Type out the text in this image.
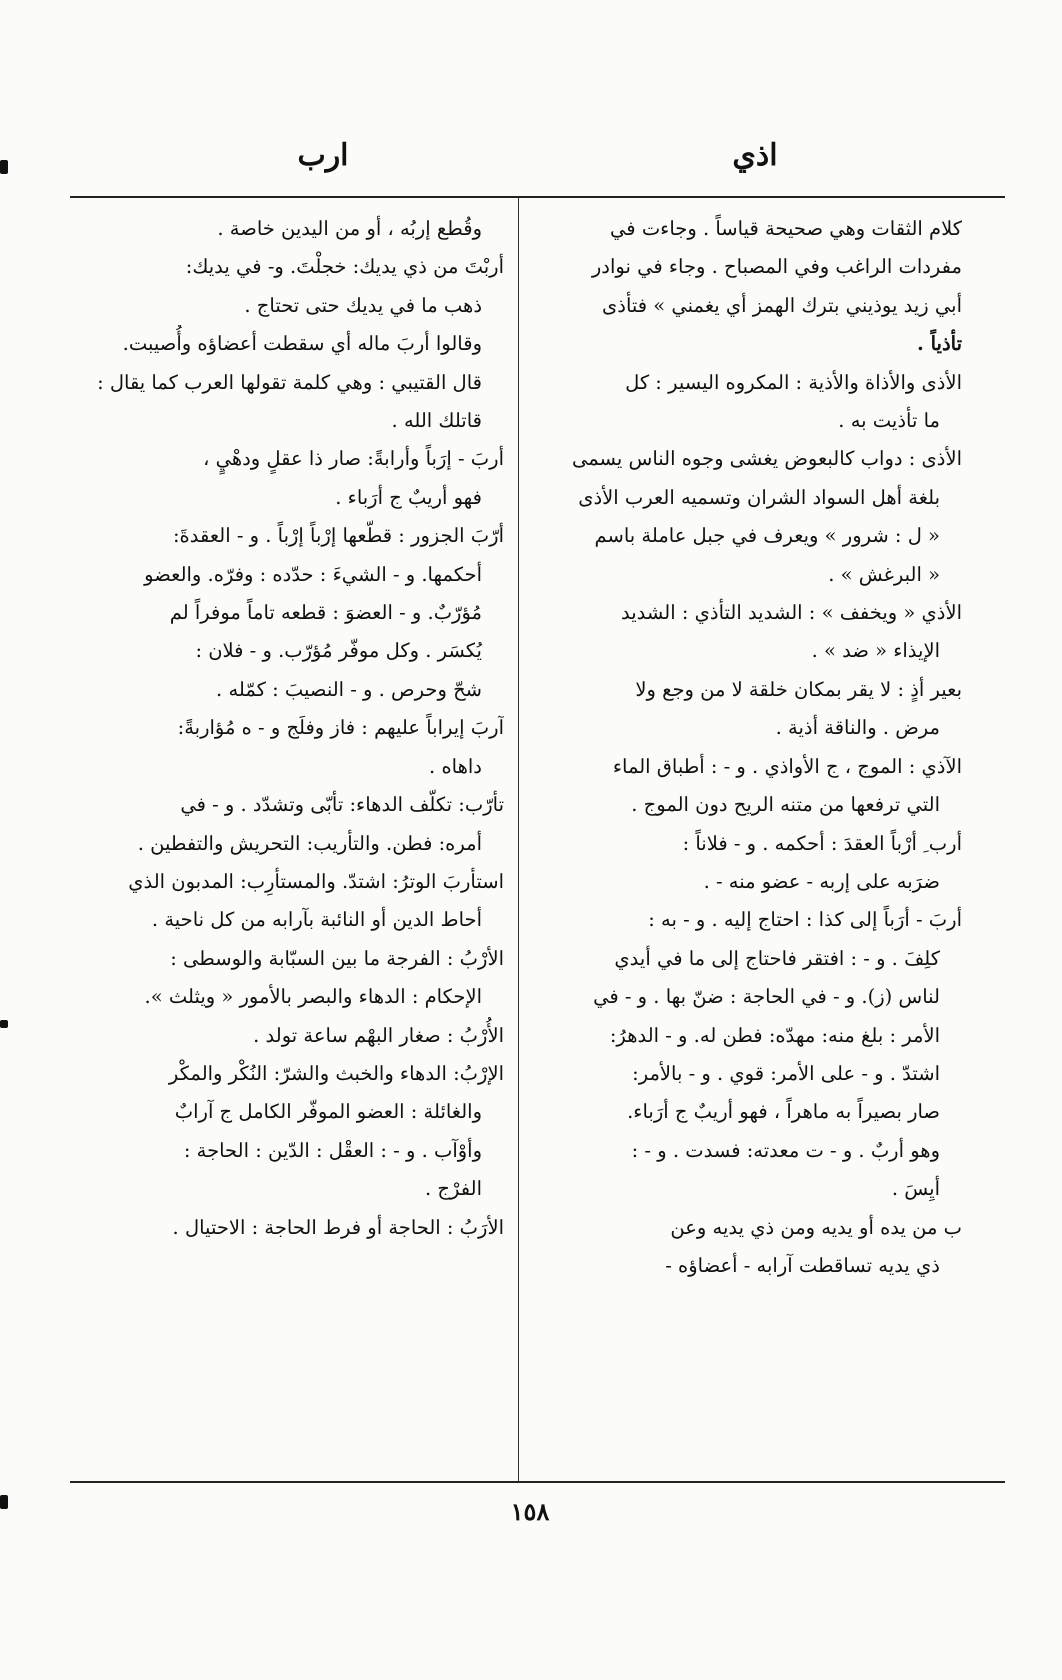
اذي
ارب
كلام الثقات وهي صحيحة قياساً . وجاءت في
مفردات الراغب وفي المصباح . وجاء في نوادر
أبي زيد يوذيني بترك الهمز أي يغمني » فتأذى
تأذياً .
الأذى والأذاة والأذية : المكروه اليسير : كل
ما تأذيت به .
الأذى : دواب كالبعوض يغشى وجوه الناس يسمى
بلغة أهل السواد الشران وتسميه العرب الأذى
« ل : شرور » ويعرف في جبل عاملة باسم
« البرغش » .
الأذي « ويخفف » : الشديد التأذي : الشديد
الإيذاء « ضد » .
بعير أذٍ : لا يقر بمكان خلقة لا من وجع ولا
مرض . والناقة أذية .
الآذي : الموج ، ج الأواذي . و - : أطباق الماء
التي ترفعها من متنه الريح دون الموج .
أرب ِ أرْباً العقدَ : أحكمه . و - فلاناً :
ضرَبه على إربه - عضو منه - .
أربَ - أرَباً إلى كذا : احتاج إليه . و - به :
كلِفَ . و - : افتقر فاحتاج إلى ما في أيدي
لناس (ز). و - في الحاجة : ضنّ بها . و - في
الأمر : بلغ منه: مهدّه: فطن له. و - الدهرُ:
اشتدّ . و - على الأمر: قوي . و - بالأمر:
صار بصيراً به ماهراً ، فهو أريبٌ ج أرَباء.
وهو أربٌ . و - ت معدته: فسدت . و - :
أيِسَ .
ب من يده أو يديه ومن ذي يديه وعن
ذي يديه تساقطت آرابه - أعضاؤه -
وقُطع إربُه ، أو من اليدين خاصة .
أربْتَ من ذي يديك: خجلْتَ. و- في يديك:
ذهب ما في يديك حتى تحتاج .
وقالوا أربَ ماله أي سقطت أعضاؤه وأُصيبت.
قال القتيبي : وهي كلمة تقولها العرب كما يقال :
قاتلك الله .
أربَ - إرَباً وأرابةً: صار ذا عقلٍ ودهْيٍ ،
فهو أريبٌ ج أرَباء .
أرّبَ الجزور : قطّعها إرْباً إرْباً . و - العقدةَ:
أحكمها. و - الشيءَ : حدّده : وفرّه. والعضو
مُؤرّبٌ. و - العضوَ : قطعه تاماً موفراً لم
يُكسَر . وكل موفّر مُؤرّب. و - فلان :
شحّ وحرص . و - النصيبَ : كمّله .
آربَ إيراباً عليهم : فاز وفلَج و - ه مُؤاربةً:
داهاه .
تأرّب: تكلّف الدهاء: تأبّى وتشدّد . و - في
أمره: فطن. والتأريب: التحريش والتفطين .
استأربَ الوترُ: اشتدّ. والمستأرِب: المدبون الذي
أحاط الدين أو النائبة بآرابه من كل ناحية .
الأرْبُ : الفرجة ما بين السبّابة والوسطى :
الإحكام : الدهاء والبصر بالأمور « ويثلث ».
الأُرْبُ : صغار البهْم ساعة تولد .
الإرْبُ: الدهاء والخبث والشرّ: النُكْر والمكْر
والغائلة : العضو الموفّر الكامل ج آرابٌ
وأوْآب . و - : العقْل : الدّين : الحاجة :
الفرْج .
الأرَبُ : الحاجة أو فرط الحاجة : الاحتيال .
١٥٨
